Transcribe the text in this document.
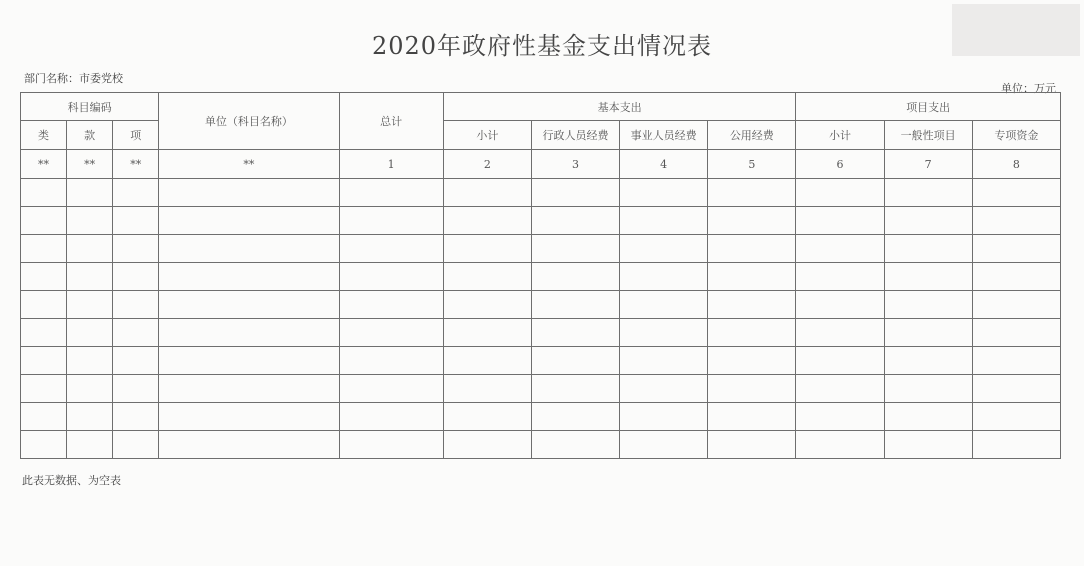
2020年政府性基金支出情况表
部门名称：市委党校
单位：万元
科目编码			单位（科目名称）	总计	基本支出				项目支出		
类	款	项			小计	行政人员经费	事业人员经费	公用经费	小计	一般性项目	专项资金
**	**	**	**	1	2	3	4	5	6	7	8

此表无数据、为空表
